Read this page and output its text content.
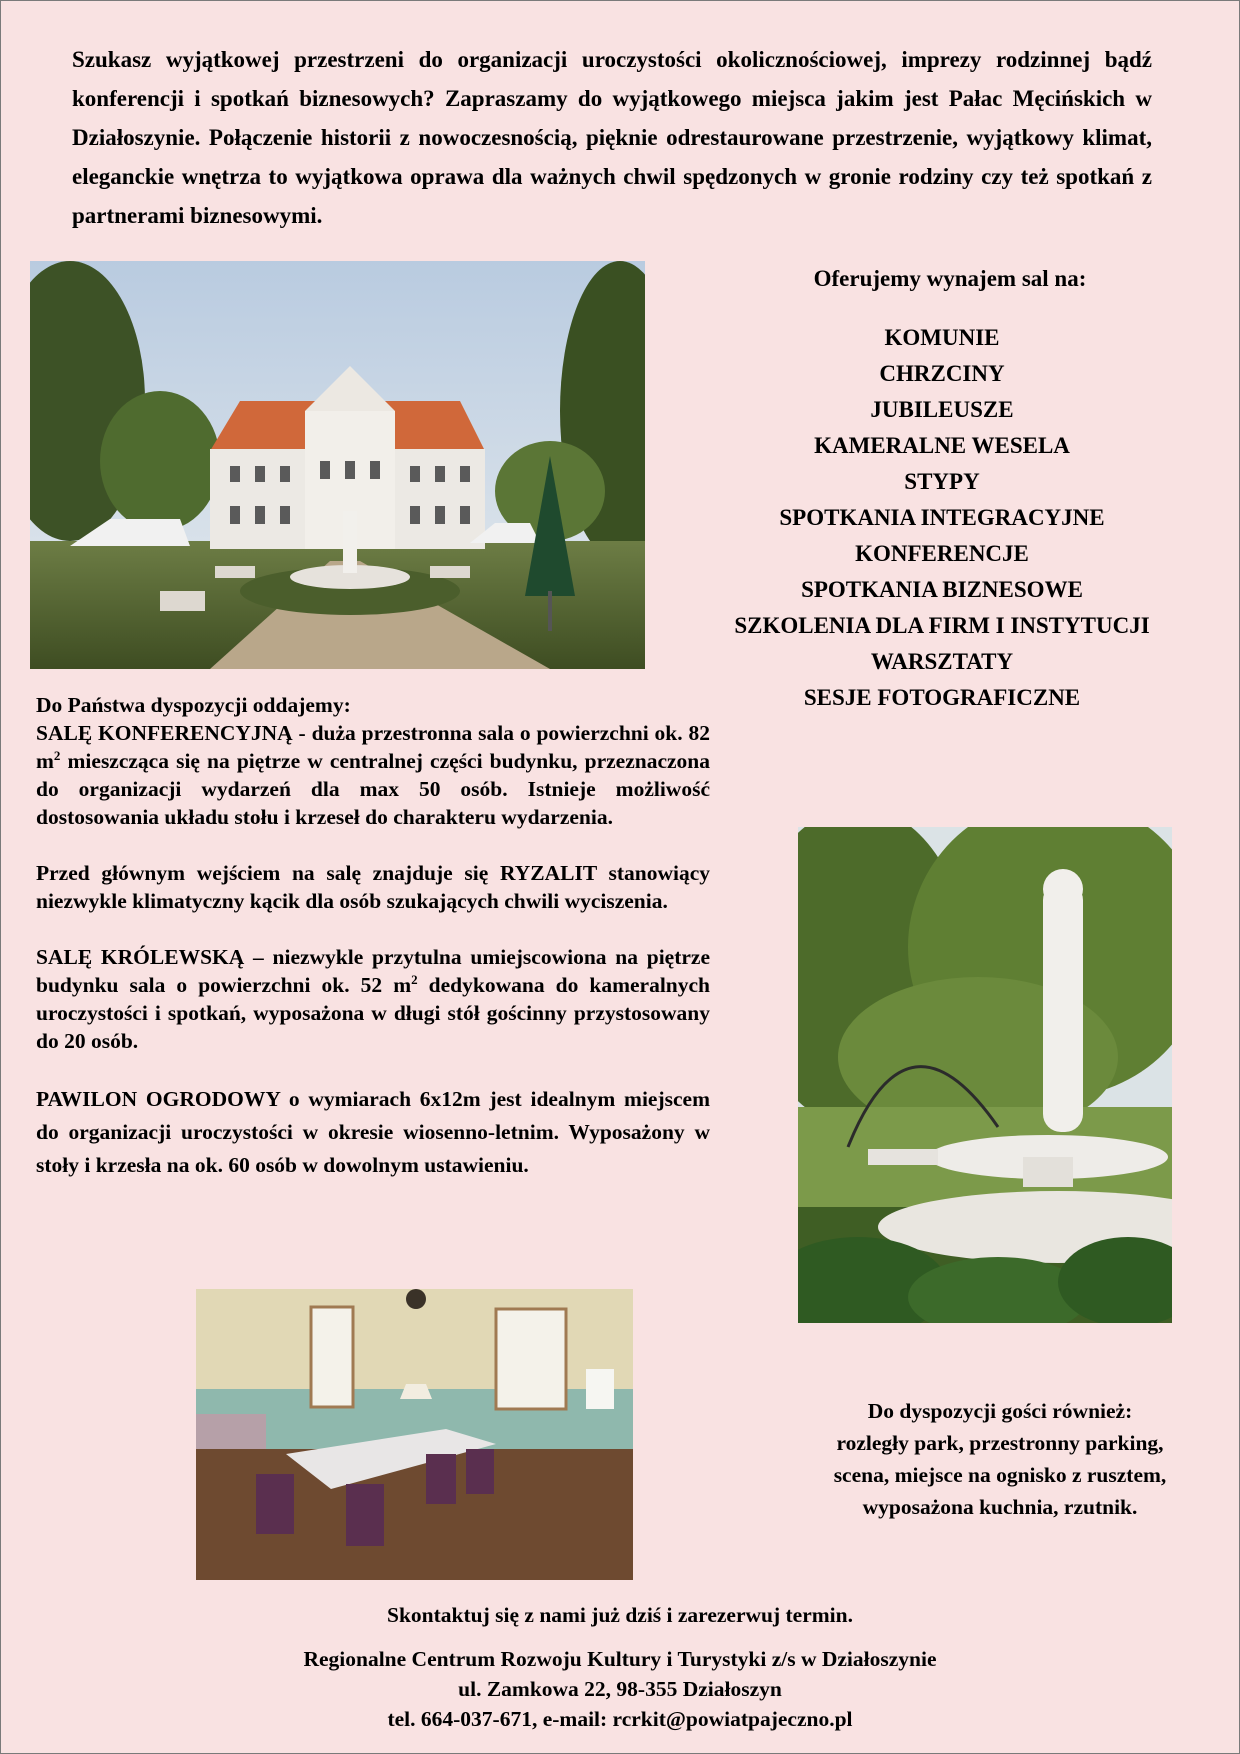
Szukasz wyjątkowej przestrzeni do organizacji uroczystości okolicznościowej, imprezy rodzinnej bądź konferencji i spotkań biznesowych? Zapraszamy do wyjątkowego miejsca jakim jest Pałac Męcińskich w Działoszynie. Połączenie historii z nowoczesnością, pięknie odrestaurowane przestrzenie, wyjątkowy klimat, eleganckie wnętrza to wyjątkowa oprawa dla ważnych chwil spędzonych w gronie rodziny czy też spotkań z partnerami biznesowymi.

Oferujemy wynajem sal na:
KOMUNIE
CHRZCINY
JUBILEUSZE
KAMERALNE WESELA
STYPY
SPOTKANIA INTEGRACYJNE
KONFERENCJE
SPOTKANIA BIZNESOWE
SZKOLENIA DLA FIRM I INSTYTUCJI
WARSZTATY
SESJE FOTOGRAFICZNE

Do Państwa dyspozycji oddajemy:

SALĘ KONFERENCYJNĄ - duża przestronna sala o powierzchni ok. 82 $m^2$ mieszcząca się na piętrze w centralnej części budynku, przeznaczona do organizacji wydarzeń dla max 50 osób. Istnieje możliwość dostosowania układu stołu i krzeseł do charakteru wydarzenia.

Przed głównym wejściem na salę znajduje się RYZALIT stanowiący niezwykle klimatyczny kącik dla osób szukających chwili wyciszenia.

SALĘ KRÓLEWSKĄ – niezwykle przytulna umiejscowiona na piętrze budynku sala o powierzchni ok. 52 $m^2$ dedykowana do kameralnych uroczystości i spotkań, wyposażona w długi stół gościnny przystosowany do 20 osób.

PAWILON OGRODOWY o wymiarach 6x12m jest idealnym miejscem do organizacji uroczystości w okresie wiosenno-letnim. Wyposażony w stoły i krzesła na ok. 60 osób w dowolnym ustawieniu.

Do dyspozycji gości również:
rozległy park, przestronny parking,
scena, miejsce na ognisko z rusztem,
wyposażona kuchnia, rzutnik.
Skontaktuj się z nami już dziś i zarezerwuj termin.
Regionalne Centrum Rozwoju Kultury i Turystyki z/s w Działoszynie
ul. Zamkowa 22, 98-355 Działoszyn
tel. 664-037-671, e-mail: rcrkit@powiatpajeczno.pl
